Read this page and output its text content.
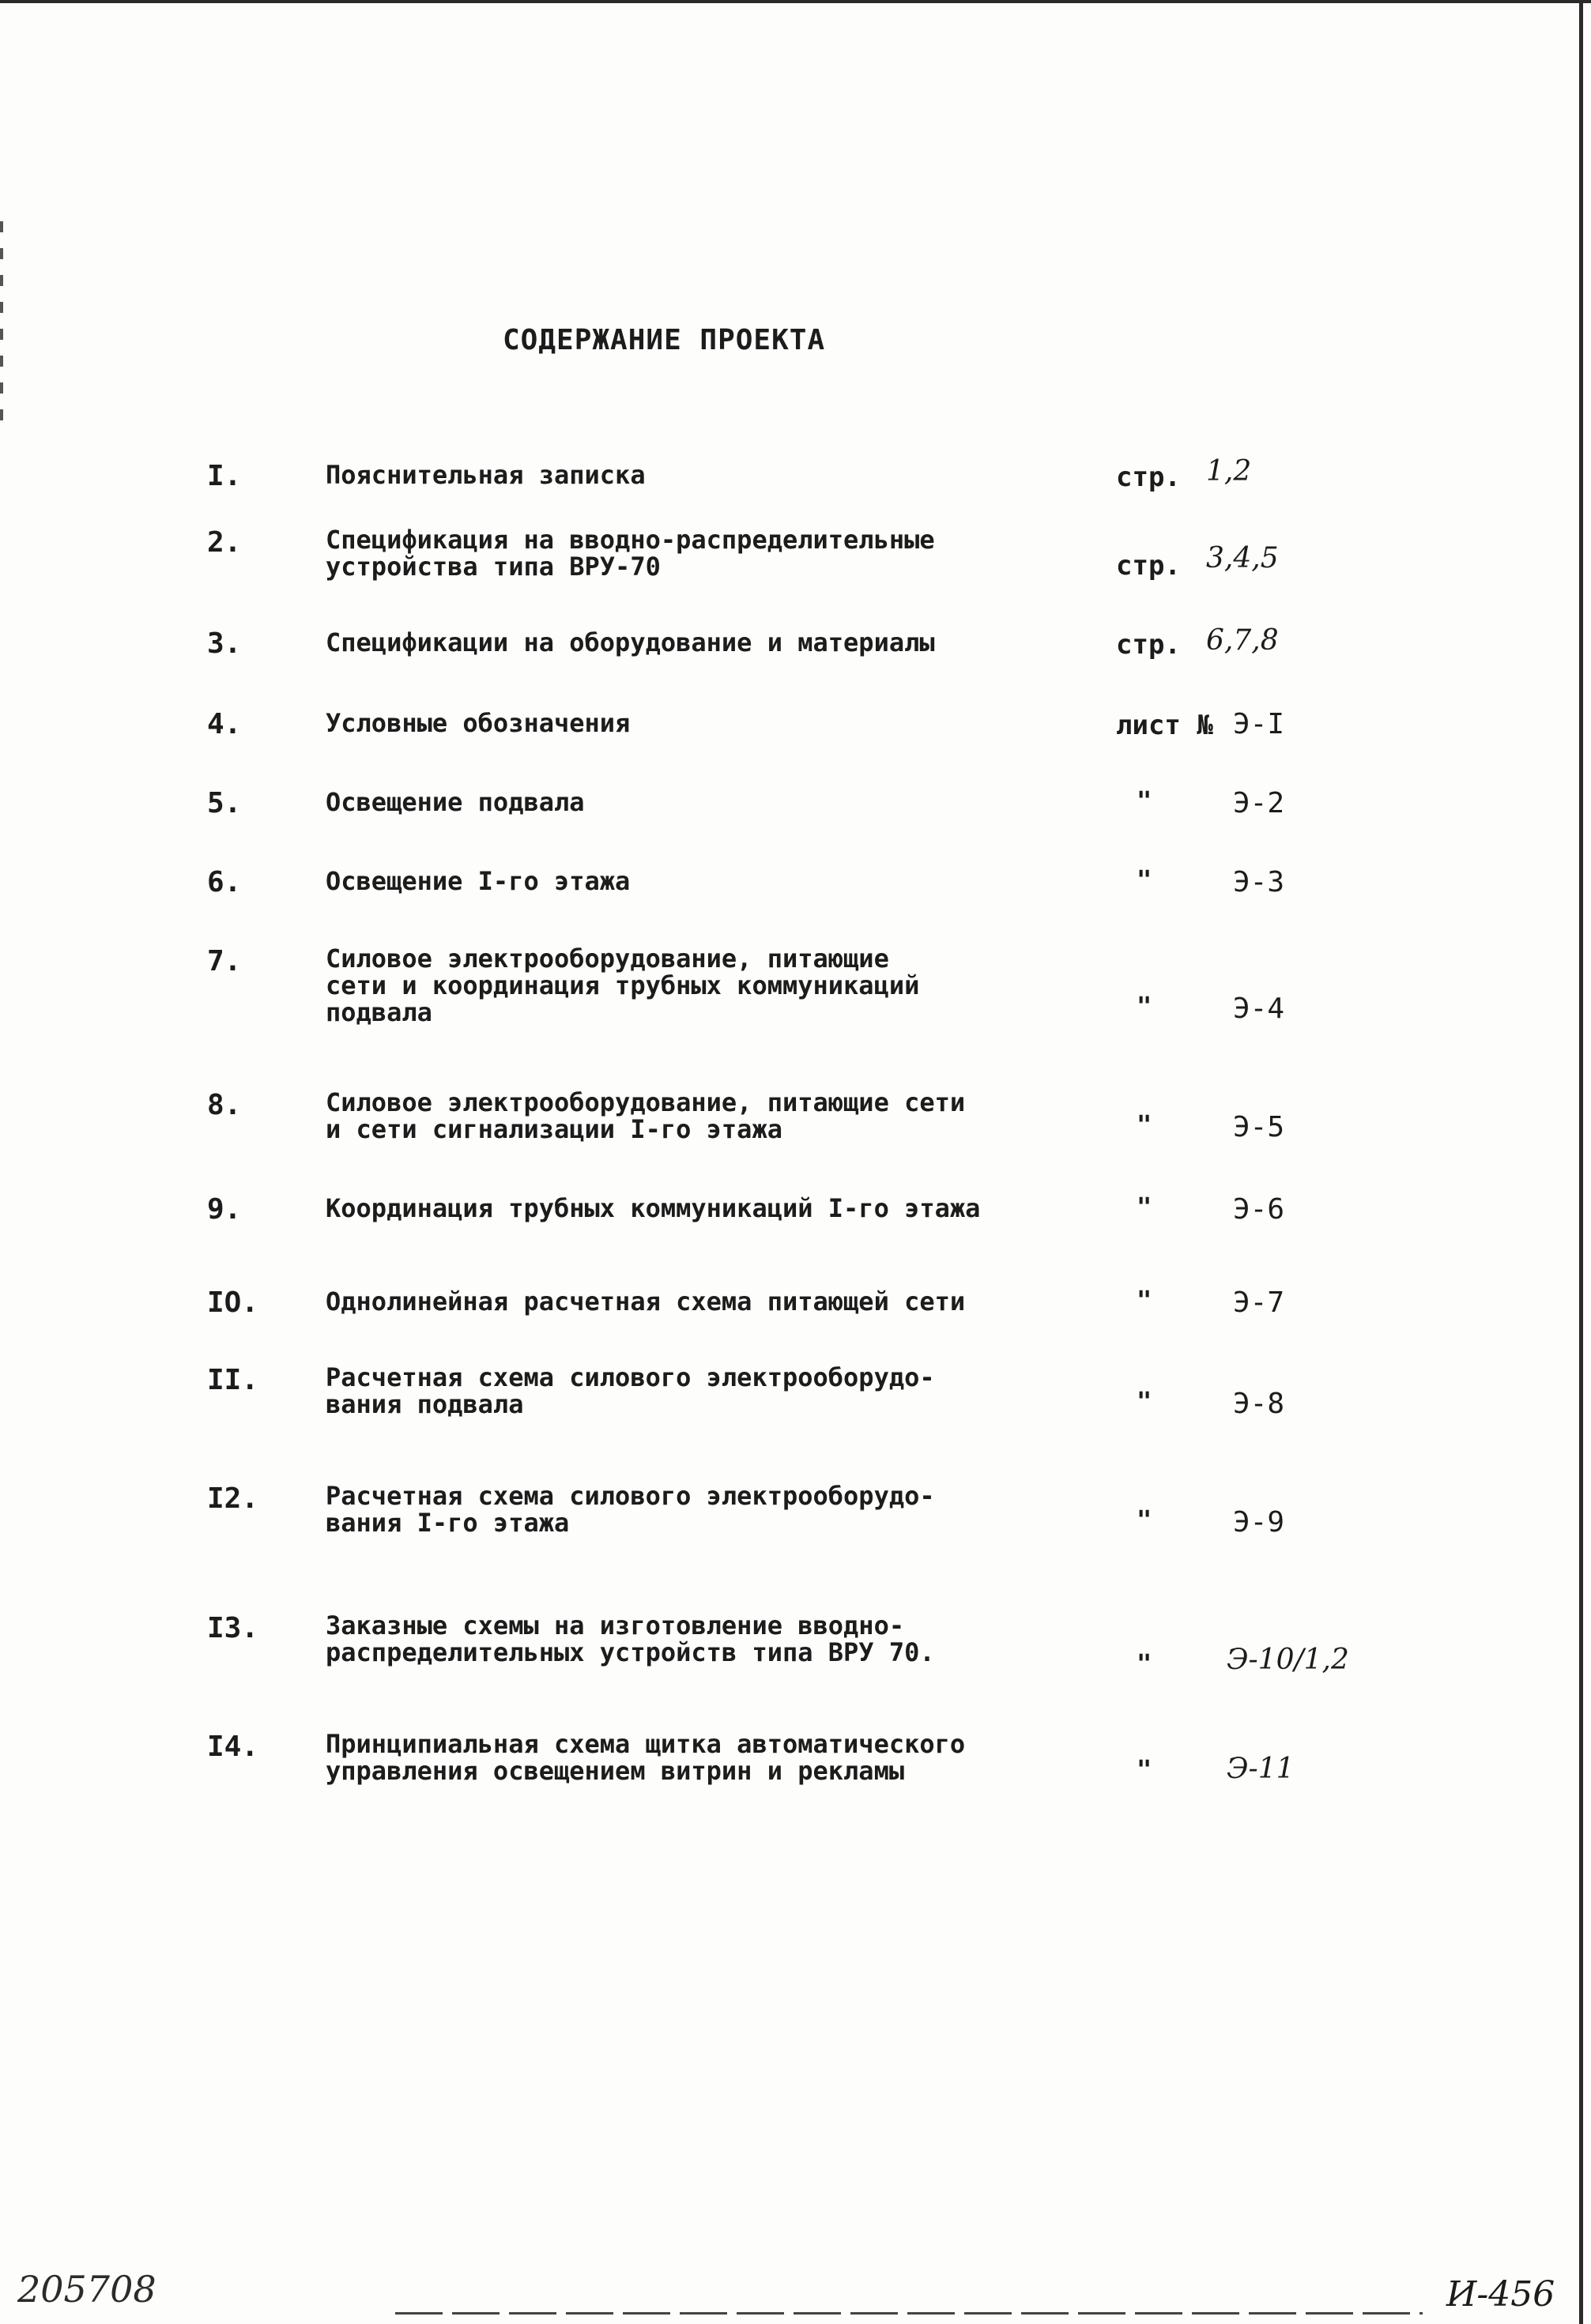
СОДЕРЖАНИЕ ПРОЕКТА
I.	Пояснительная записка	стр. 1,2
2.	Спецификация на вводно-распределительные
устройства типа ВРУ-70	стр. 3,4,5
3.	Спецификации на оборудование и материалы	стр. 6,7,8
4.	Условные обозначения	лист № Э-I
5.	Освещение подвала	"	Э-2
6.	Освещение I-го этажа	"	Э-3
7.	Силовое электрооборудование, питающие
сети и координация трубных коммуникаций
подвала	"	Э-4
8.	Силовое электрооборудование, питающие сети
и сети сигнализации I-го этажа	"	Э-5
9.	Координация трубных коммуникаций I-го этажа	"	Э-6
IO.	Однолинейная расчетная схема питающей сети	"	Э-7
II.	Расчетная схема силового электрооборудо-
вания подвала	"	Э-8
I2.	Расчетная схема силового электрооборудо-
вания I-го этажа	"	Э-9
I3.	Заказные схемы на изготовление вводно-
распределительных устройств типа ВРУ 70.	"	Э-10/1,2
I4.	Принципиальная схема щитка автоматического
управления освещением витрин и рекламы	"	Э-11
205708	И-456
